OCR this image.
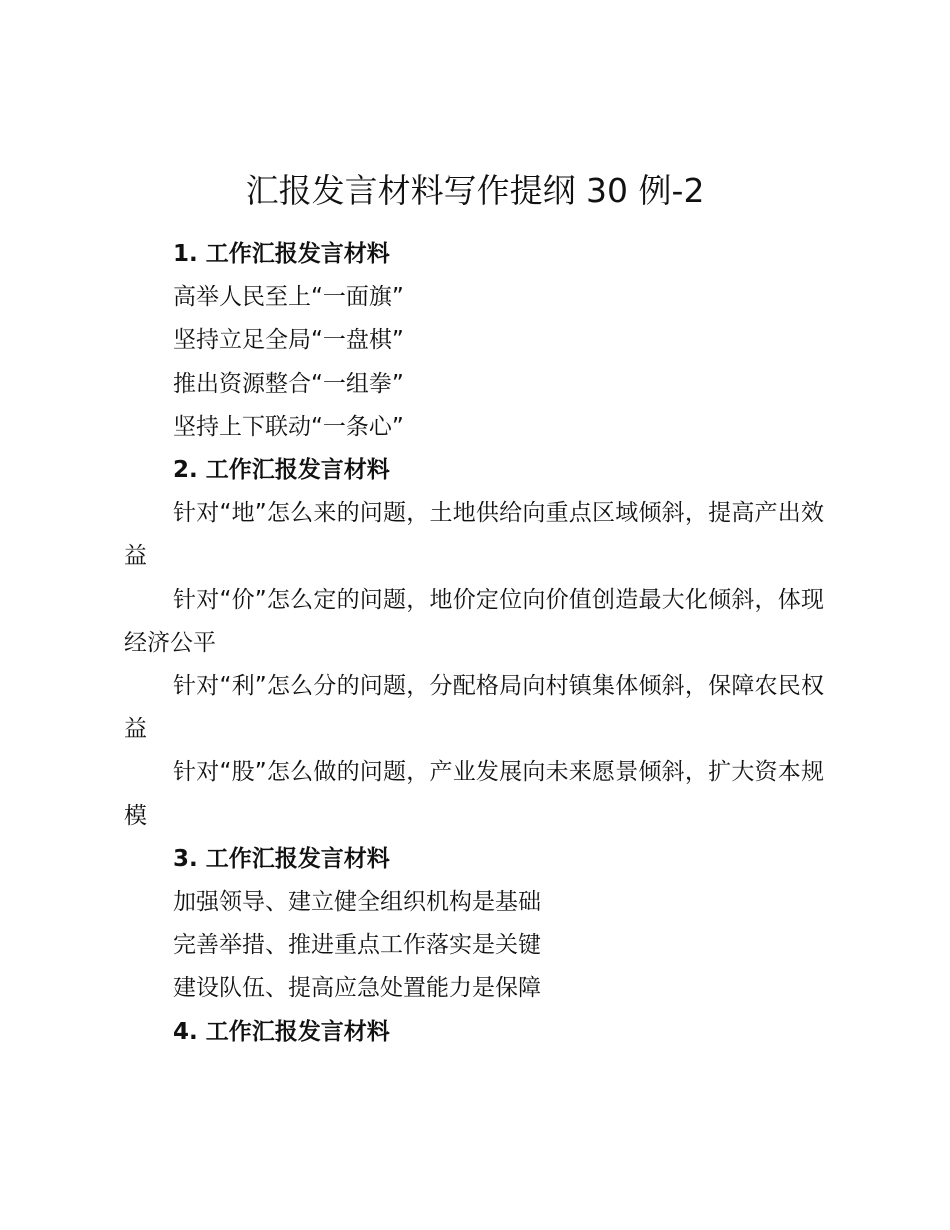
汇报发言材料写作提纲 30 例-2

1. 工作汇报发言材料

高举人民至上“一面旗”

坚持立足全局“一盘棋”

推出资源整合“一组拳”

坚持上下联动“一条心”

2. 工作汇报发言材料

针对“地”怎么来的问题，土地供给向重点区域倾斜，提高产出效益

针对“价”怎么定的问题，地价定位向价值创造最大化倾斜，体现经济公平

针对“利”怎么分的问题，分配格局向村镇集体倾斜，保障农民权益

针对“股”怎么做的问题，产业发展向未来愿景倾斜，扩大资本规模

3. 工作汇报发言材料

加强领导、建立健全组织机构是基础

完善举措、推进重点工作落实是关键

建设队伍、提高应急处置能力是保障

4. 工作汇报发言材料
